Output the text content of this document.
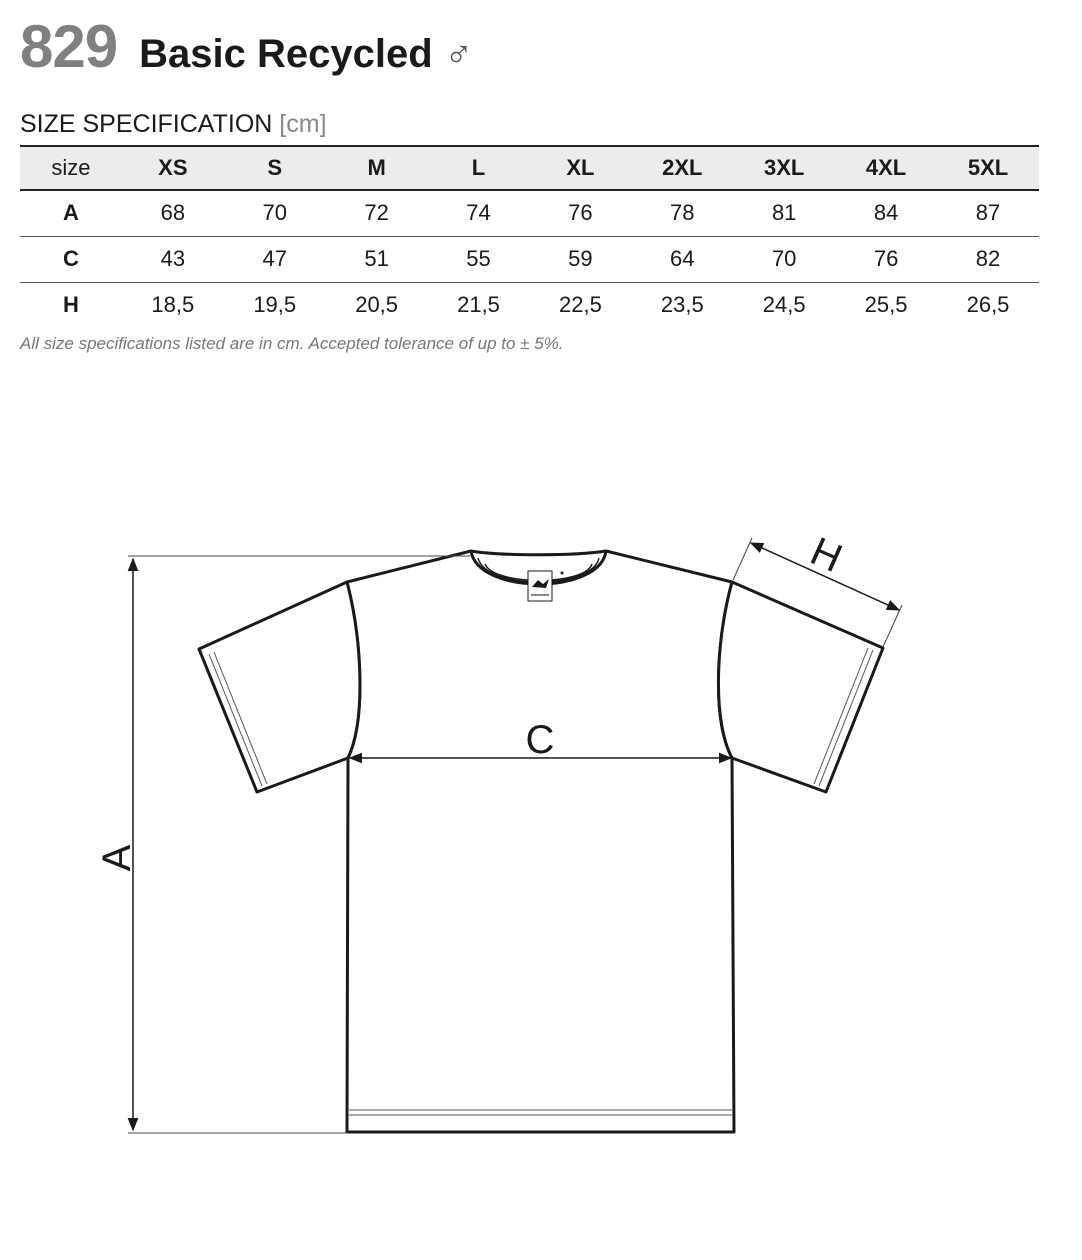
829 Basic Recycled ♂
SIZE SPECIFICATION [cm]
size	XS	S	M	L	XL	2XL	3XL	4XL	5XL
A	68	70	72	74	76	78	81	84	87
C	43	47	51	55	59	64	70	76	82
H	18,5	19,5	20,5	21,5	22,5	23,5	24,5	25,5	26,5
All size specifications listed are in cm. Accepted tolerance of up to ± 5%.
A
C
H
